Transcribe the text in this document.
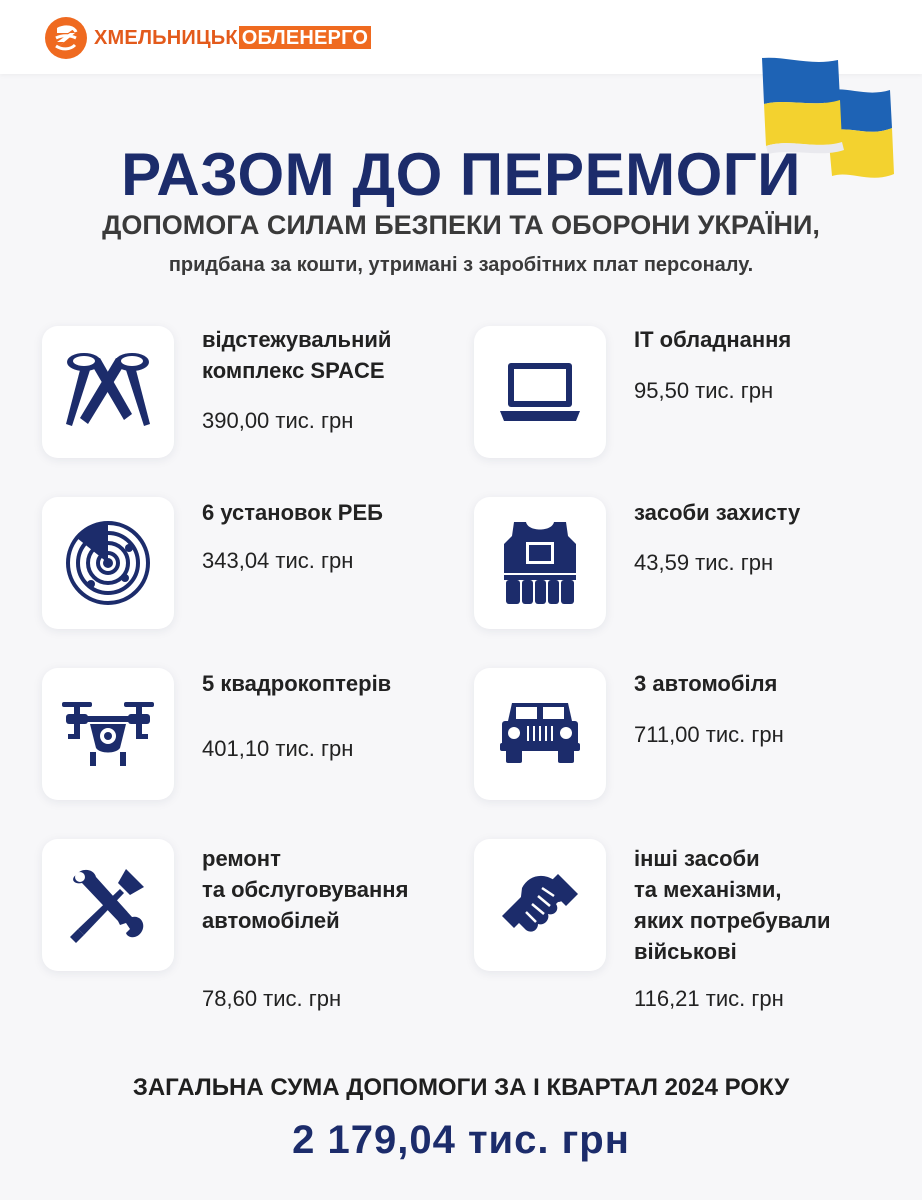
ХМЕЛЬНИЦЬК ОБЛЕНЕРГО
РАЗОМ ДО ПЕРЕМОГИ
ДОПОМОГА СИЛАМ БЕЗПЕКИ ТА ОБОРОНИ УКРАЇНИ,
придбана за кошти, утримані з заробітних плат персоналу.
відстежувальний
комплекс SPACE
390,00 тис. грн
ІТ обладнання
95,50 тис. грн
6 установок РЕБ
343,04 тис. грн
засоби захисту
43,59 тис. грн
5 квадрокоптерів
401,10 тис. грн
3 автомобіля
711,00 тис. грн
ремонт
та обслуговування
автомобілей
78,60 тис. грн
інші засоби
та механізми,
яких потребували
військові
116,21 тис. грн
ЗАГАЛЬНА СУМА ДОПОМОГИ ЗА І КВАРТАЛ 2024 РОКУ
2 179,04 тис. грн
